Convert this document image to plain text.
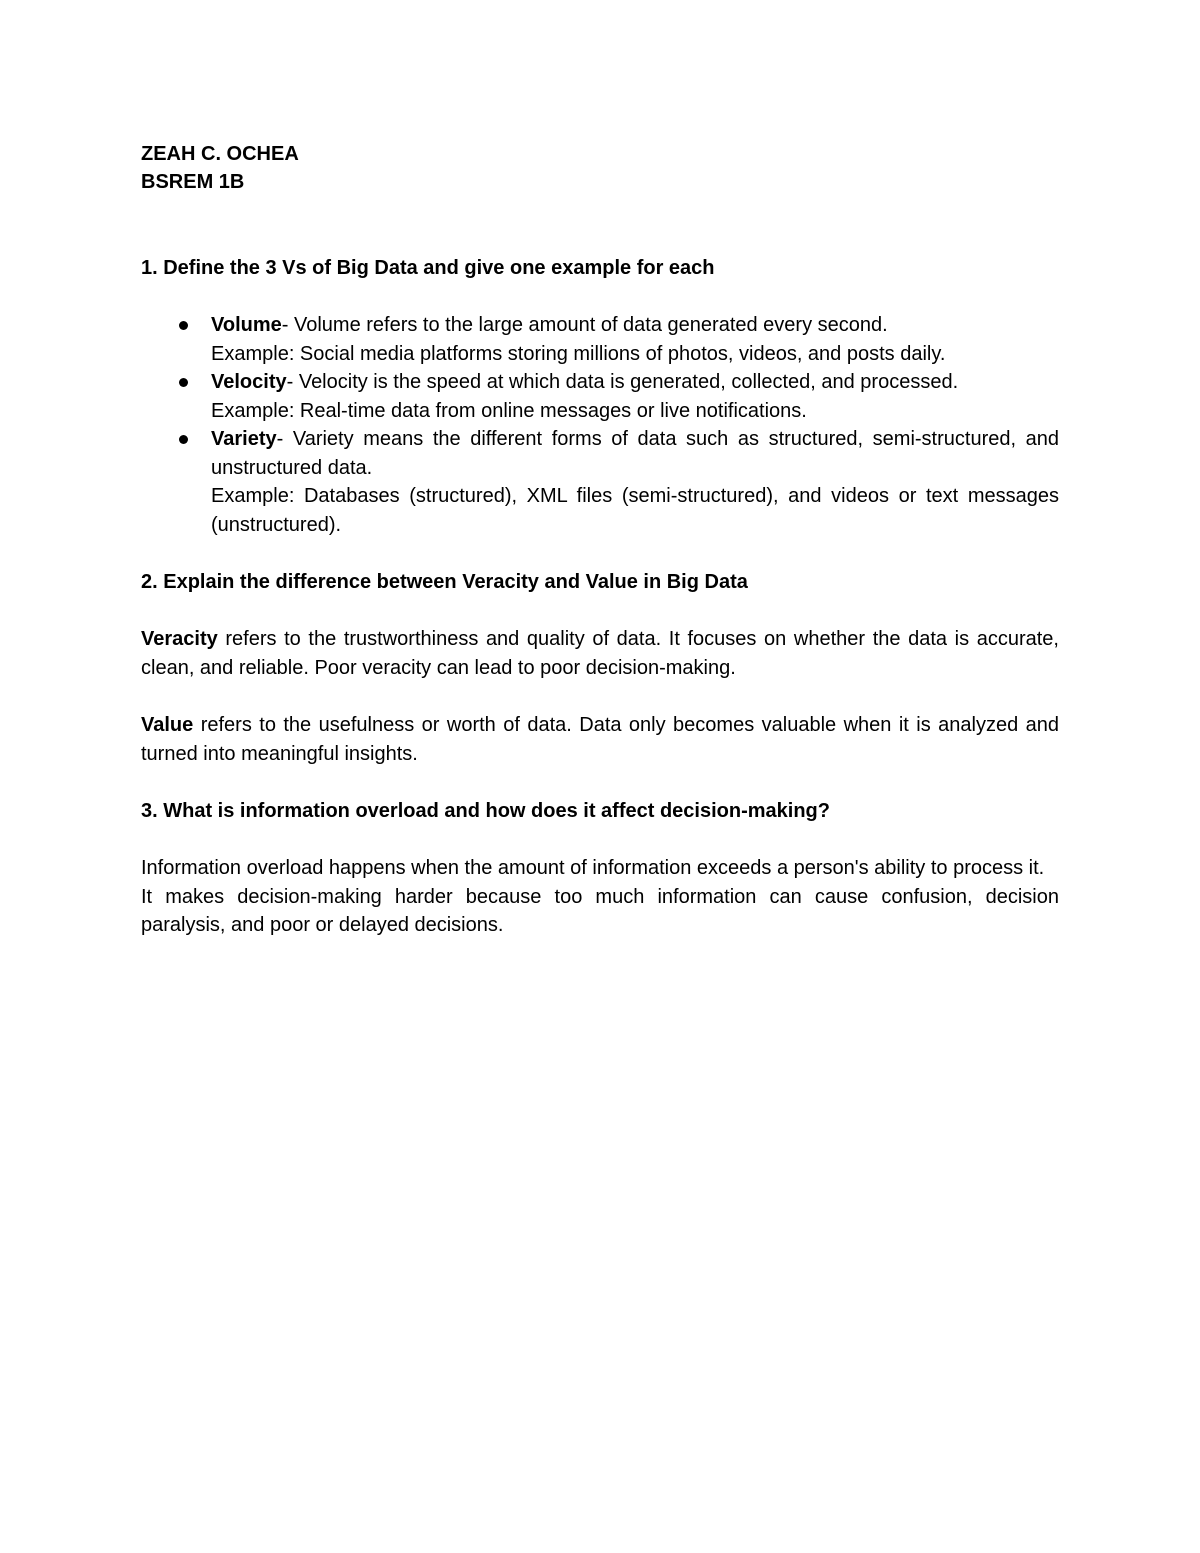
ZEAH C. OCHEA

BSREM 1B

1. Define the 3 Vs of Big Data and give one example for each

Volume- Volume refers to the large amount of data generated every second.
Example: Social media platforms storing millions of photos, videos, and posts daily.
Velocity- Velocity is the speed at which data is generated, collected, and processed.
Example: Real-time data from online messages or live notifications.
Variety- Variety means the different forms of data such as structured, semi-structured, and unstructured data.
Example: Databases (structured), XML files (semi-structured), and videos or text messages (unstructured).

2. Explain the difference between Veracity and Value in Big Data

Veracity refers to the trustworthiness and quality of data. It focuses on whether the data is accurate, clean, and reliable. Poor veracity can lead to poor decision-making.

Value refers to the usefulness or worth of data. Data only becomes valuable when it is analyzed and turned into meaningful insights.

3. What is information overload and how does it affect decision-making?

Information overload happens when the amount of information exceeds a person's ability to process it.

It makes decision-making harder because too much information can cause confusion, decision paralysis, and poor or delayed decisions.
